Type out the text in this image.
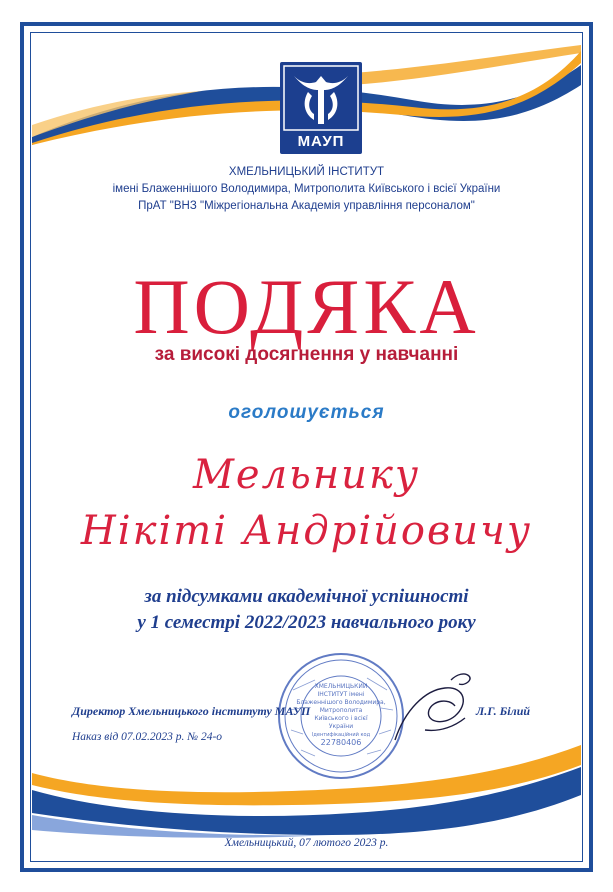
МАУП
ХМЕЛЬНИЦЬКИЙ ІНСТИТУТ
імені Блаженнішого Володимира, Митрополита Київського і всієї України
ПрАТ "ВНЗ "Міжрегіональна Академія управління персоналом"
ПОДЯКА
за високі досягнення у навчанні
оголошується
Мельнику
Нікіті Андрійовичу
за підсумками академічної успішності
у 1 семестрі 2022/2023 навчального року
ХМЕЛЬНИЦЬКИЙ
ІНСТИТУТ імені
Блаженнішого Володимира,
Митрополита
Київського і всієї
України
Ідентифікаційний код
22780406
Директор Хмельницького інституту МАУП	Л.Г. Білий
Наказ від 07.02.2023 р. № 24-о
Хмельницький, 07 лютого 2023 р.
